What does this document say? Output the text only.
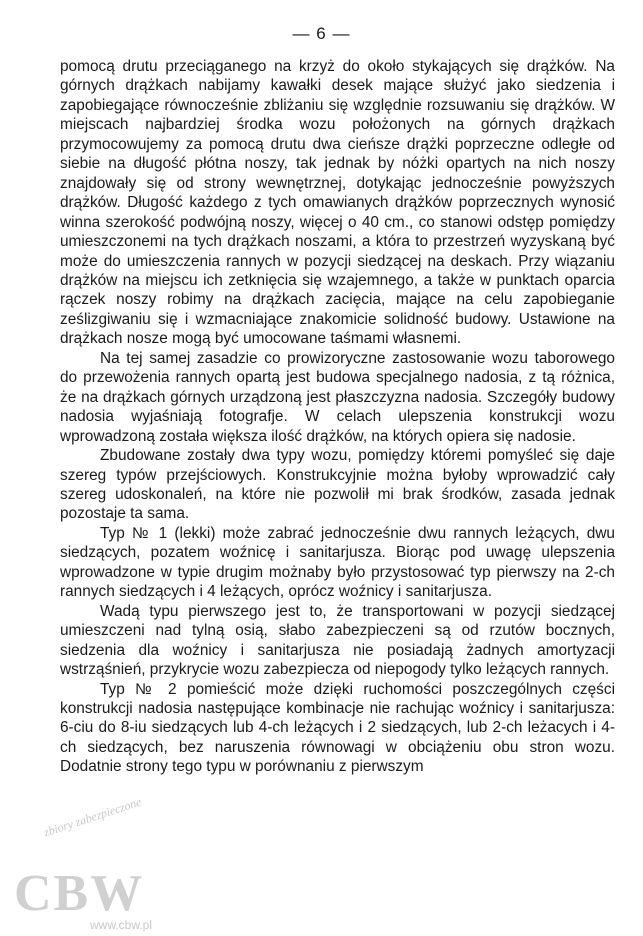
— 6 —

pomocą drutu przeciąganego na krzyż do około stykających się drążków. Na górnych drążkach nabijamy kawałki desek mające służyć jako siedzenia i zapobiegające równocześnie zbliżaniu się względnie rozsuwaniu się drążków. W miejscach najbardziej środka wozu położonych na górnych drążkach przymocowujemy za pomocą drutu dwa cieńsze drążki poprzeczne odległe od siebie na długość płótna noszy, tak jednak by nóżki opartych na nich noszy znajdowały się od strony wewnętrznej, dotykając jednocześnie powyższych drążków. Długość każdego z tych omawianych drążków poprzecznych wynosić winna szerokość podwójną noszy, więcej o 40 cm., co stanowi odstęp pomiędzy umieszczonemi na tych drążkach noszami, a która to przestrzeń wyzyskaną być może do umieszczenia rannych w pozycji siedzącej na deskach. Przy wiązaniu drążków na miejscu ich zetknięcia się wzajemnego, a także w punktach oparcia rączek noszy robimy na drążkach zacięcia, mające na celu zapobieganie ześlizgiwaniu się i wzmacniające znakomicie solidność budowy. Ustawione na drążkach nosze mogą być umocowane taśmami własnemi.

Na tej samej zasadzie co prowizoryczne zastosowanie wozu taborowego do przewożenia rannych opartą jest budowa specjalnego nadosia, z tą różnica, że na drążkach górnych urządzoną jest płaszczyzna nadosia. Szczegóły budowy nadosia wyjaśniają fotografje. W celach ulepszenia konstrukcji wozu wprowadzoną została większa ilość drążków, na których opiera się nadosie.

Zbudowane zostały dwa typy wozu, pomiędzy któremi pomyśleć się daje szereg typów przejściowych. Konstrukcyjnie można byłoby wprowadzić cały szereg udoskonaleń, na które nie pozwolił mi brak środków, zasada jednak pozostaje ta sama.

Typ № 1 (lekki) może zabrać jednocześnie dwu rannych leżących, dwu siedzących, pozatem woźnicę i sanitarjusza. Biorąc pod uwagę ulepszenia wprowadzone w typie drugim możnaby było przystosować typ pierwszy na 2-ch rannych siedzących i 4 leżących, oprócz woźnicy i sanitarjusza.

Wadą typu pierwszego jest to, że transportowani w pozycji siedzącej umieszczeni nad tylną osią, słabo zabezpieczeni są od rzutów bocznych, siedzenia dla woźnicy i sanitarjusza nie posiadają żadnych amortyzacji wstrząśnień, przykrycie wozu zabezpiecza od niepogody tylko leżących rannych.

Typ № 2 pomieścić może dzięki ruchomości poszczególnych części konstrukcji nadosia następujące kombinacje nie rachując woźnicy i sanitarjusza: 6-ciu do 8-iu siedzących lub 4-ch leżących i 2 siedzących, lub 2-ch leżacych i 4-ch siedzących, bez naruszenia równowagi w obciążeniu obu stron wozu. Dodatnie strony tego typu w porównaniu z pierwszym

zbiory zabezpieczone
CBW
www.cbw.pl
